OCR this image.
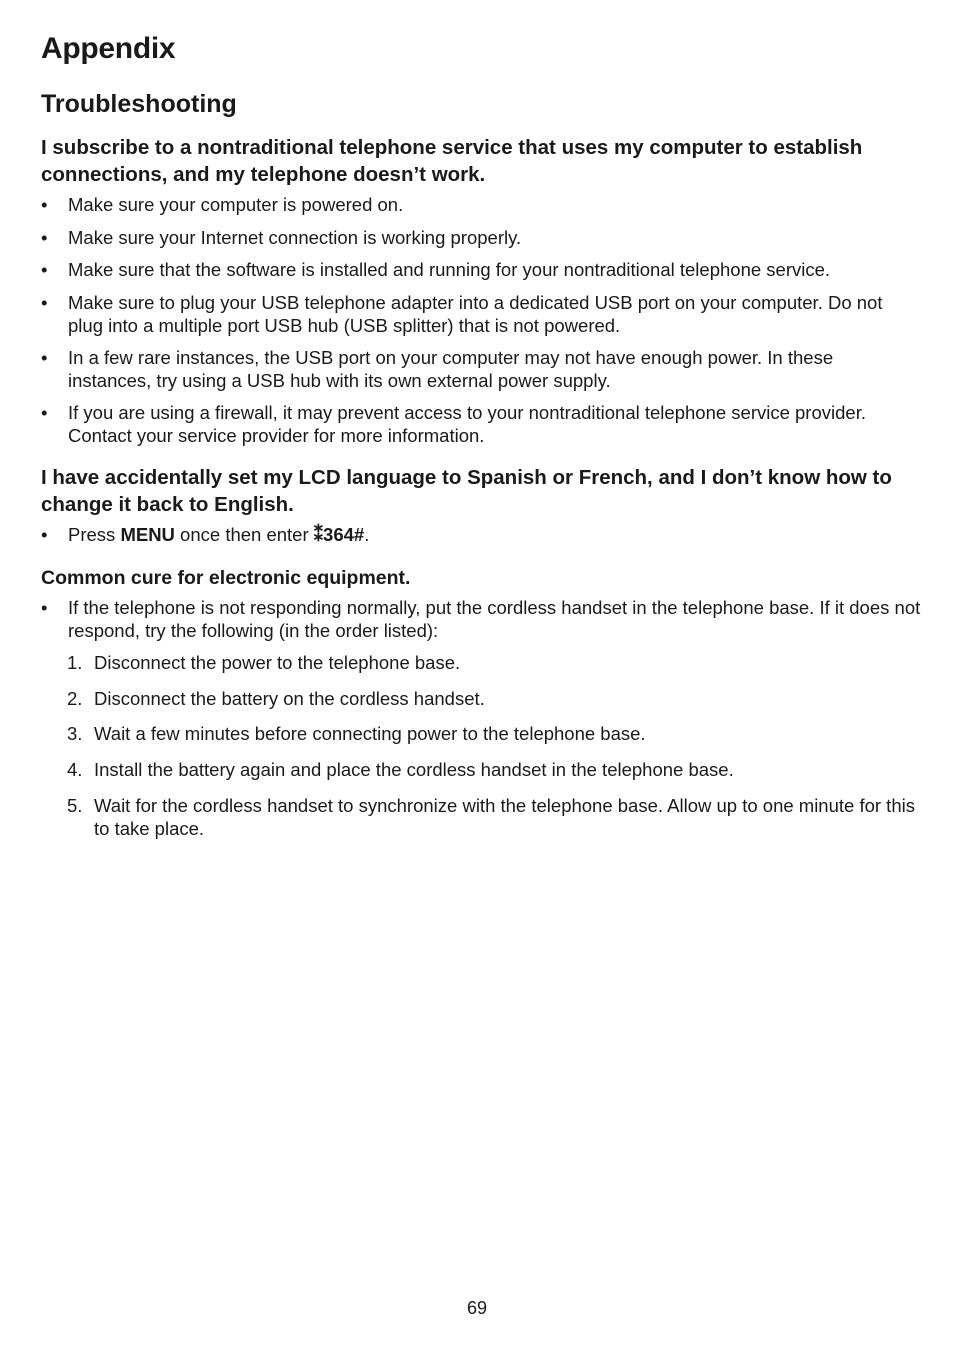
Appendix
Troubleshooting

I subscribe to a nontraditional telephone service that uses my computer to establish connections, and my telephone doesn’t work.

• Make sure your computer is powered on.
• Make sure your Internet connection is working properly.
• Make sure that the software is installed and running for your nontraditional telephone service.
• Make sure to plug your USB telephone adapter into a dedicated USB port on your computer. Do not plug into a multiple port USB hub (USB splitter) that is not powered.
• In a few rare instances, the USB port on your computer may not have enough power. In these instances, try using a USB hub with its own external power supply.
• If you are using a firewall, it may prevent access to your nontraditional telephone service provider. Contact your service provider for more information.

I have accidentally set my LCD language to Spanish or French, and I don’t know how to change it back to English.

• Press MENU once then enter ⁑364#.

Common cure for electronic equipment.

• If the telephone is not responding normally, put the cordless handset in the telephone base. If it does not respond, try the following (in the order listed):
1. Disconnect the power to the telephone base.
2. Disconnect the battery on the cordless handset.
3. Wait a few minutes before connecting power to the telephone base.
4. Install the battery again and place the cordless handset in the telephone base.
5. Wait for the cordless handset to synchronize with the telephone base. Allow up to one minute for this to take place.
69
